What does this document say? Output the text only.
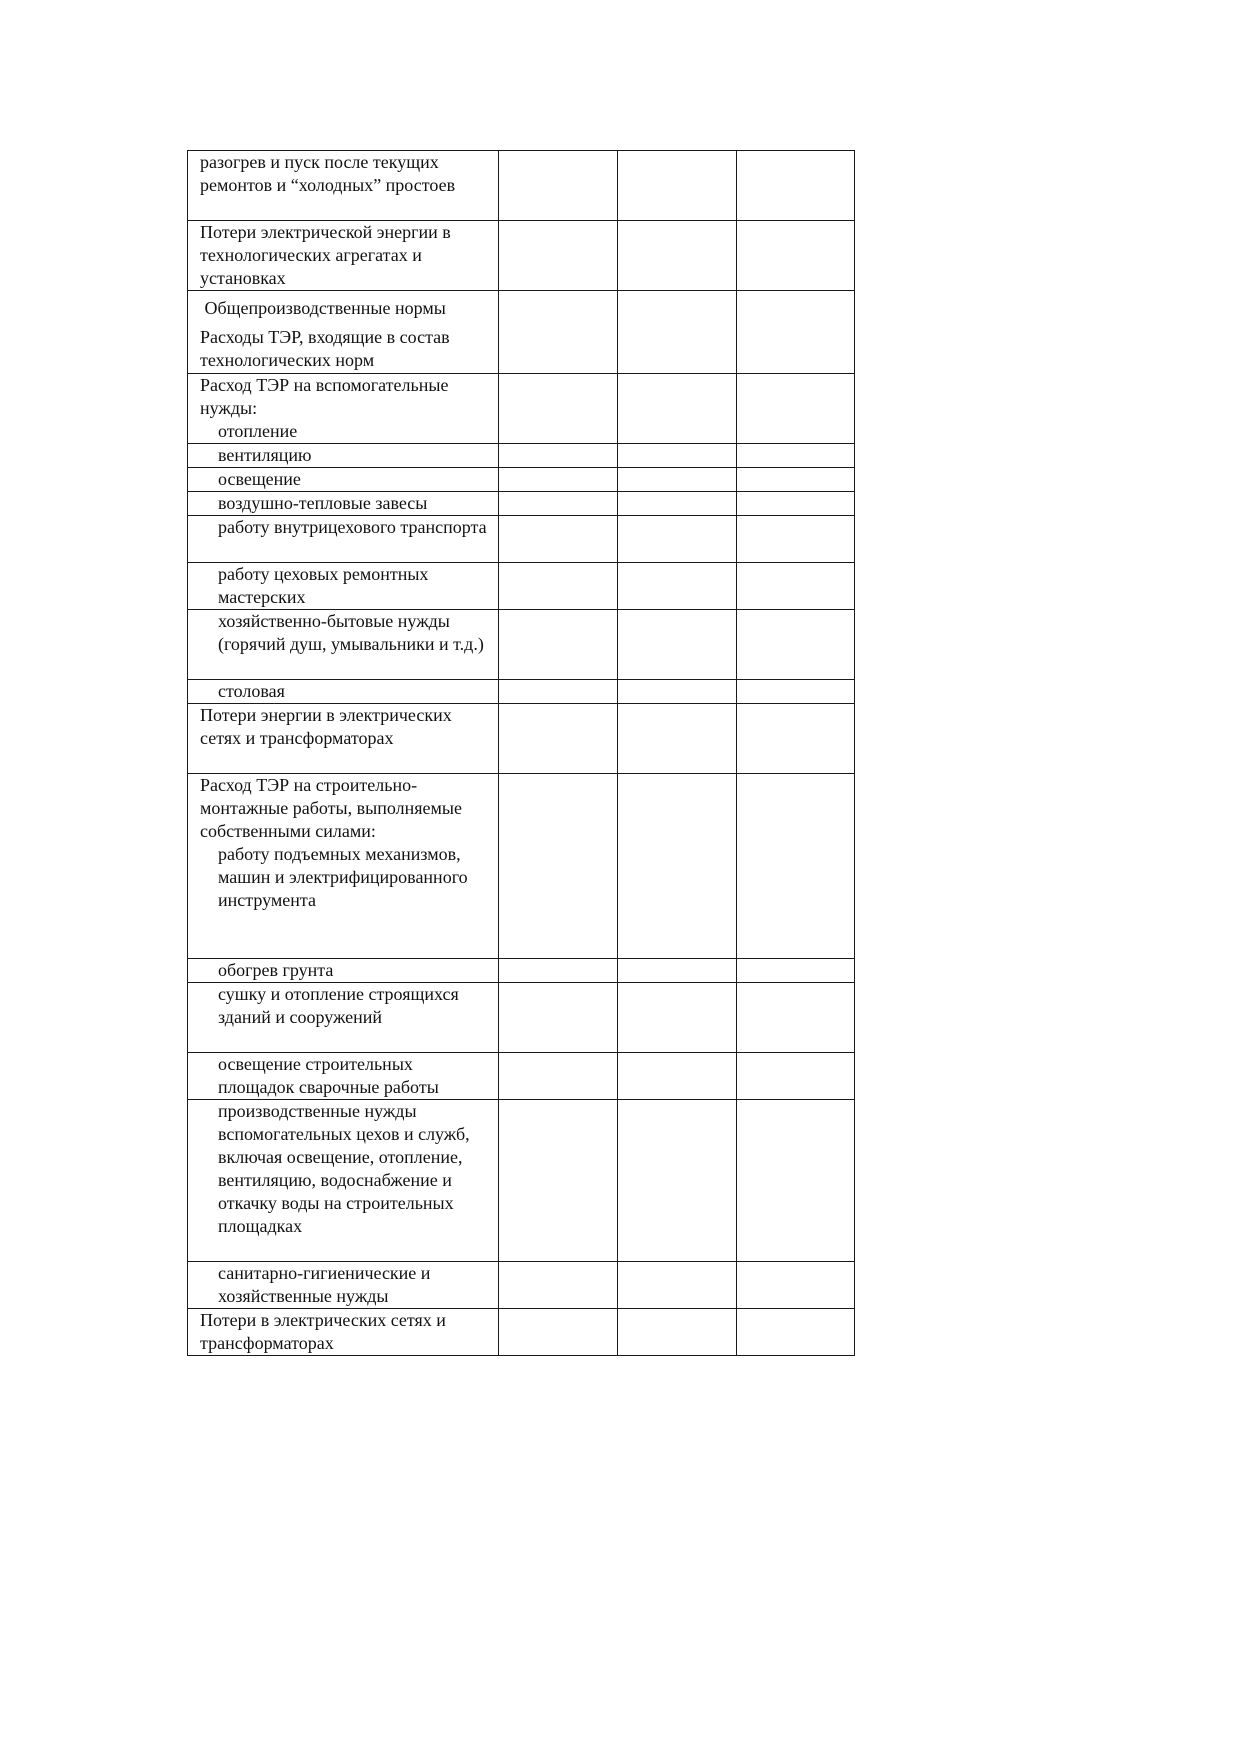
разогрев и пуск после текущих ремонтов и “холодных” простоев			

Потери электрической энергии в технологических агрегатах и установках			

Общепроизводственные нормы
Расходы ТЭР, входящие в состав технологических норм			

Расход ТЭР на вспомогательные нужды:
отопление			

вентиляцию			

освещение			

воздушно-тепловые завесы			

работу внутрицехового транспорта			

работу цеховых ремонтных мастерских			

хозяйственно-бытовые нужды (горячий душ, умывальники и т.д.)			

столовая			

Потери энергии в электрических сетях и трансформаторах			

Расход ТЭР на строительно-монтажные работы, выполняемые собственными силами:
работу подъемных механизмов, машин и электрифицированного инструмента			

обогрев грунта			

сушку и отопление строящихся зданий и сооружений			

освещение строительных площадок сварочные работы			

производственные нужды вспомогательных цехов и служб, включая освещение, отопление, вентиляцию, водоснабжение и откачку воды на строительных площадках			

санитарно-гигиенические и хозяйственные нужды			

Потери в электрических сетях и трансформаторах			
